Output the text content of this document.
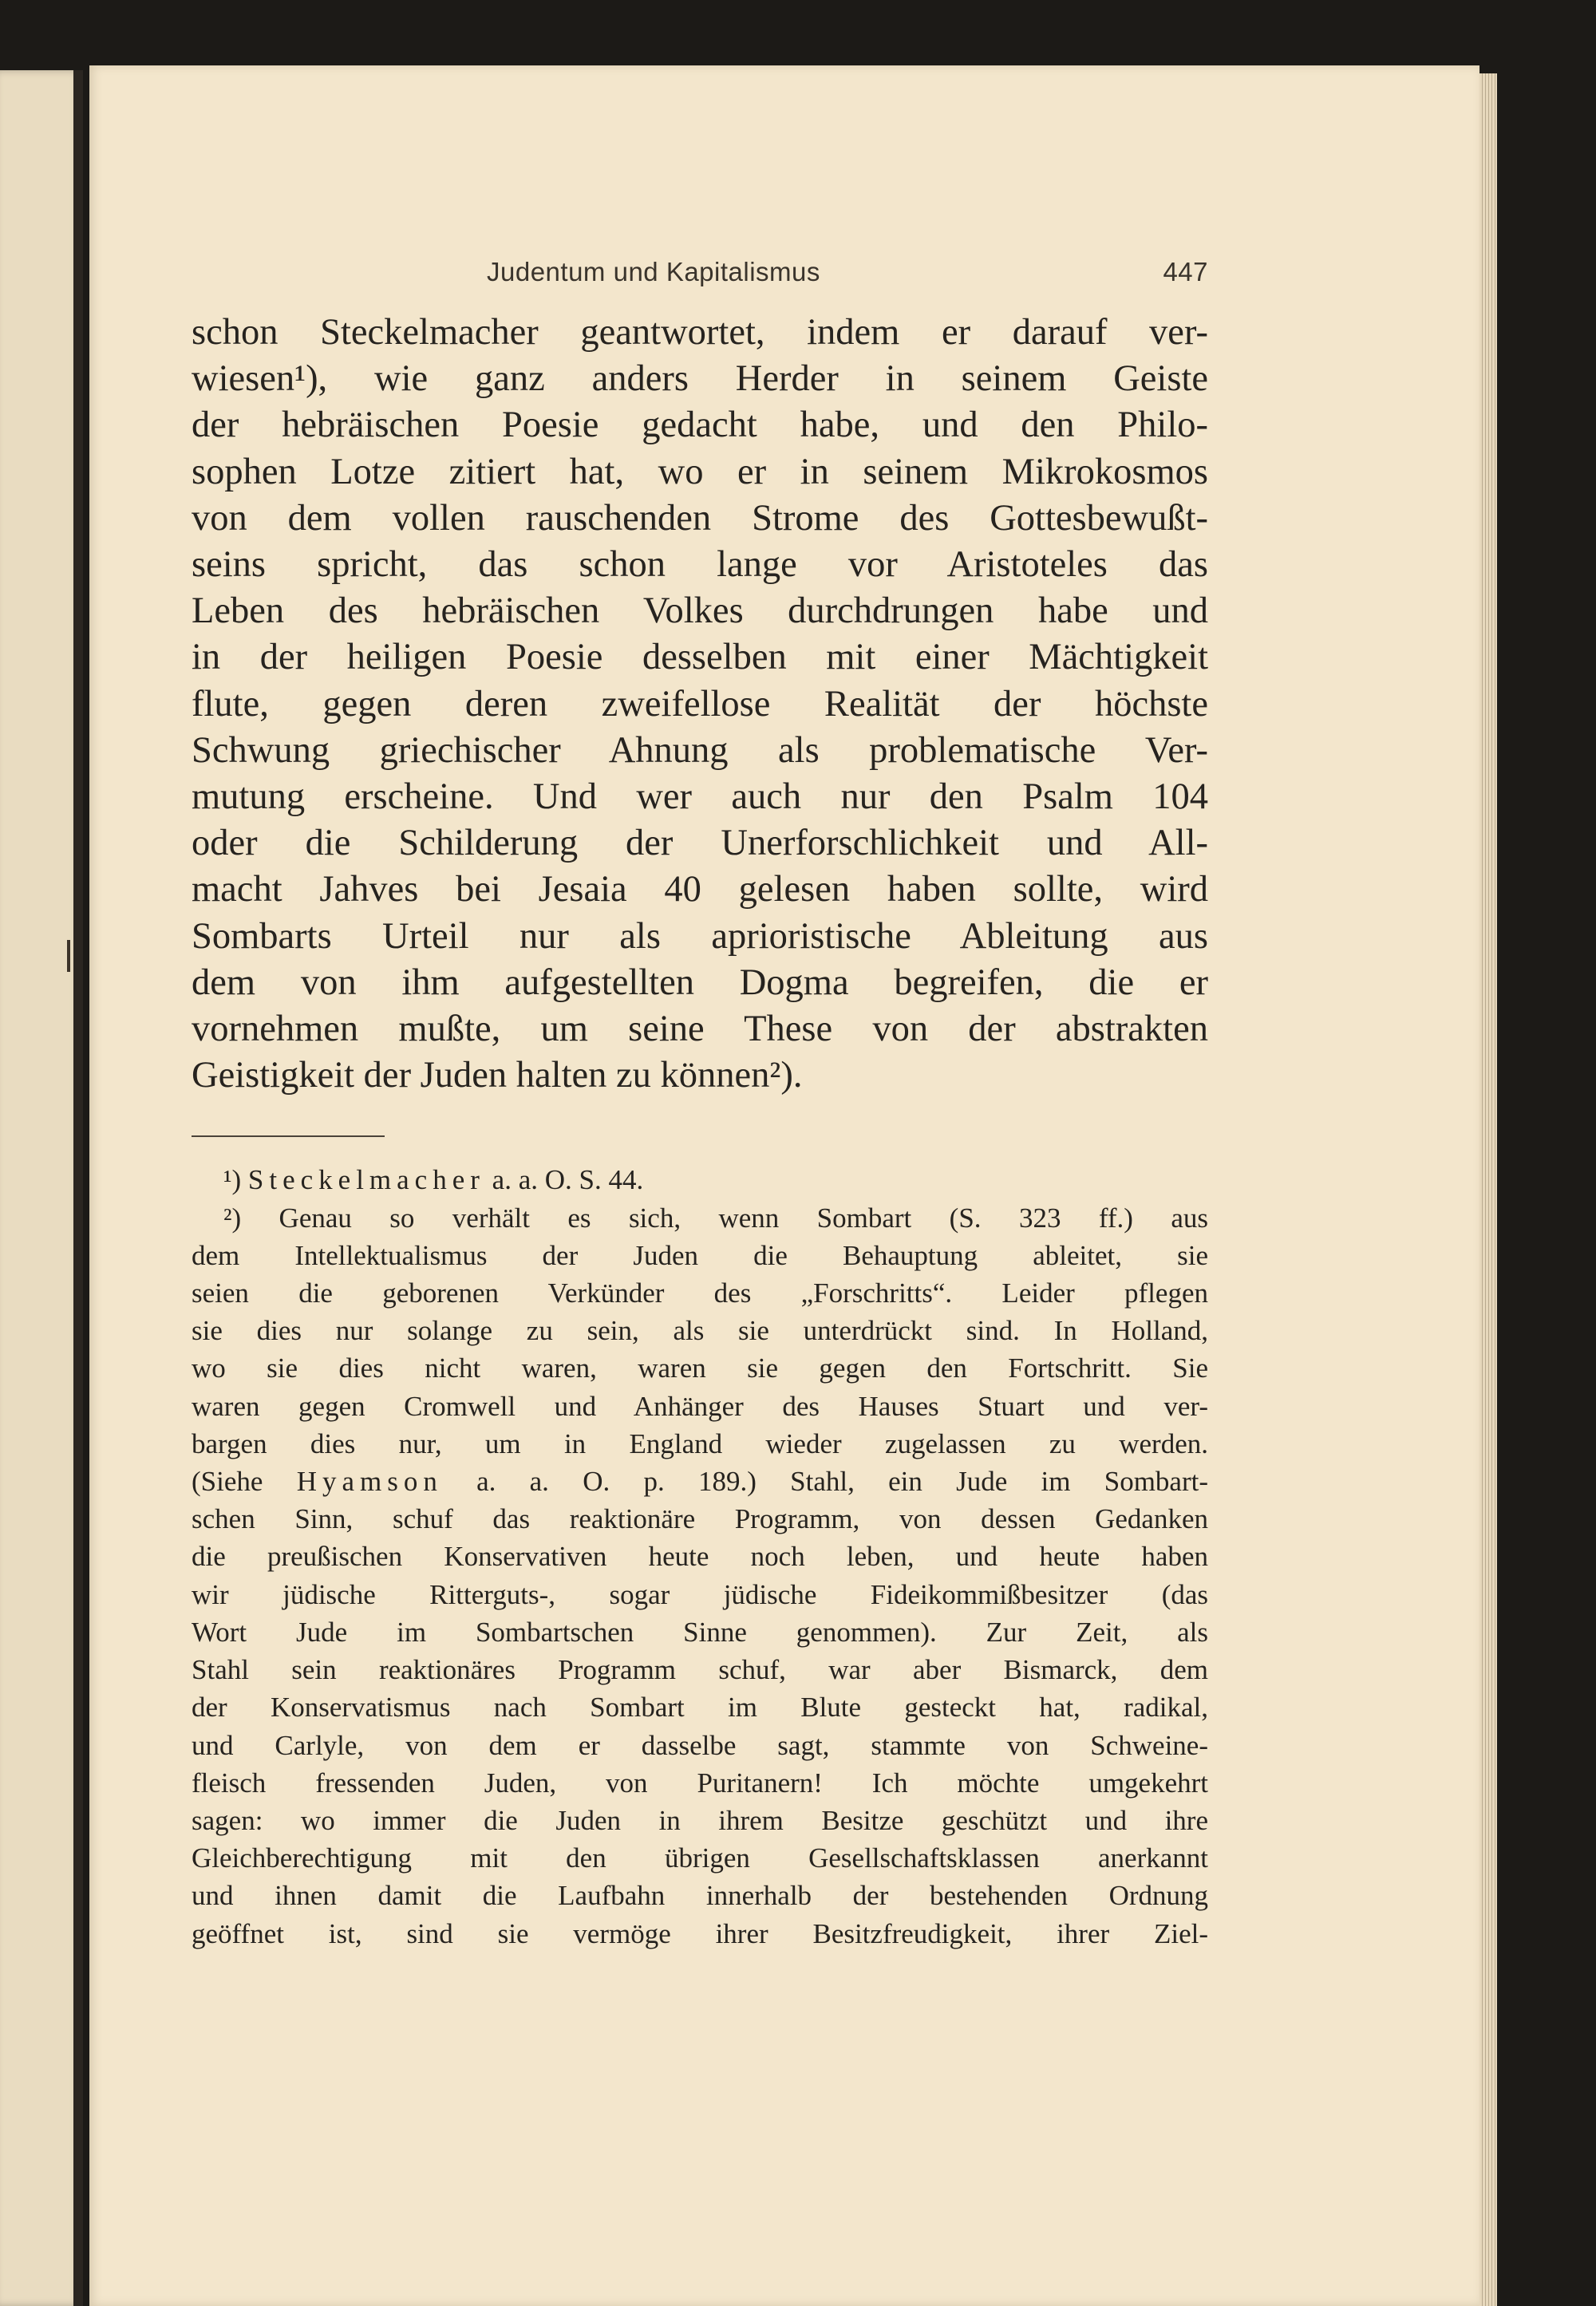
Judentum und Kapitalismus	447
schon Steckelmacher geantwortet, indem er darauf ver-
wiesen¹), wie ganz anders Herder in seinem Geiste
der hebräischen Poesie gedacht habe, und den Philo-
sophen Lotze zitiert hat, wo er in seinem Mikrokosmos
von dem vollen rauschenden Strome des Gottesbewußt-
seins spricht, das schon lange vor Aristoteles das
Leben des hebräischen Volkes durchdrungen habe und
in der heiligen Poesie desselben mit einer Mächtigkeit
flute, gegen deren zweifellose Realität der höchste
Schwung griechischer Ahnung als problematische Ver-
mutung erscheine. Und wer auch nur den Psalm 104
oder die Schilderung der Unerforschlichkeit und All-
macht Jahves bei Jesaia 40 gelesen haben sollte, wird
Sombarts Urteil nur als aprioristische Ableitung aus
dem von ihm aufgestellten Dogma begreifen, die er
vornehmen mußte, um seine These von der abstrakten
Geistigkeit der Juden halten zu können²).
¹) Steckelmacher a. a. O. S. 44.
²) Genau so verhält es sich, wenn Sombart (S. 323 ff.) aus
dem Intellektualismus der Juden die Behauptung ableitet, sie
seien die geborenen Verkünder des „Forschritts“. Leider pflegen
sie dies nur solange zu sein, als sie unterdrückt sind. In Holland,
wo sie dies nicht waren, waren sie gegen den Fortschritt. Sie
waren gegen Cromwell und Anhänger des Hauses Stuart und ver-
bargen dies nur, um in England wieder zugelassen zu werden.
(Siehe Hyamson a. a. O. p. 189.) Stahl, ein Jude im Sombart-
schen Sinn, schuf das reaktionäre Programm, von dessen Gedanken
die preußischen Konservativen heute noch leben, und heute haben
wir jüdische Ritterguts-, sogar jüdische Fideikommißbesitzer (das
Wort Jude im Sombartschen Sinne genommen). Zur Zeit, als
Stahl sein reaktionäres Programm schuf, war aber Bismarck, dem
der Konservatismus nach Sombart im Blute gesteckt hat, radikal,
und Carlyle, von dem er dasselbe sagt, stammte von Schweine-
fleisch fressenden Juden, von Puritanern! Ich möchte umgekehrt
sagen: wo immer die Juden in ihrem Besitze geschützt und ihre
Gleichberechtigung mit den übrigen Gesellschaftsklassen anerkannt
und ihnen damit die Laufbahn innerhalb der bestehenden Ordnung
geöffnet ist, sind sie vermöge ihrer Besitzfreudigkeit, ihrer Ziel-
